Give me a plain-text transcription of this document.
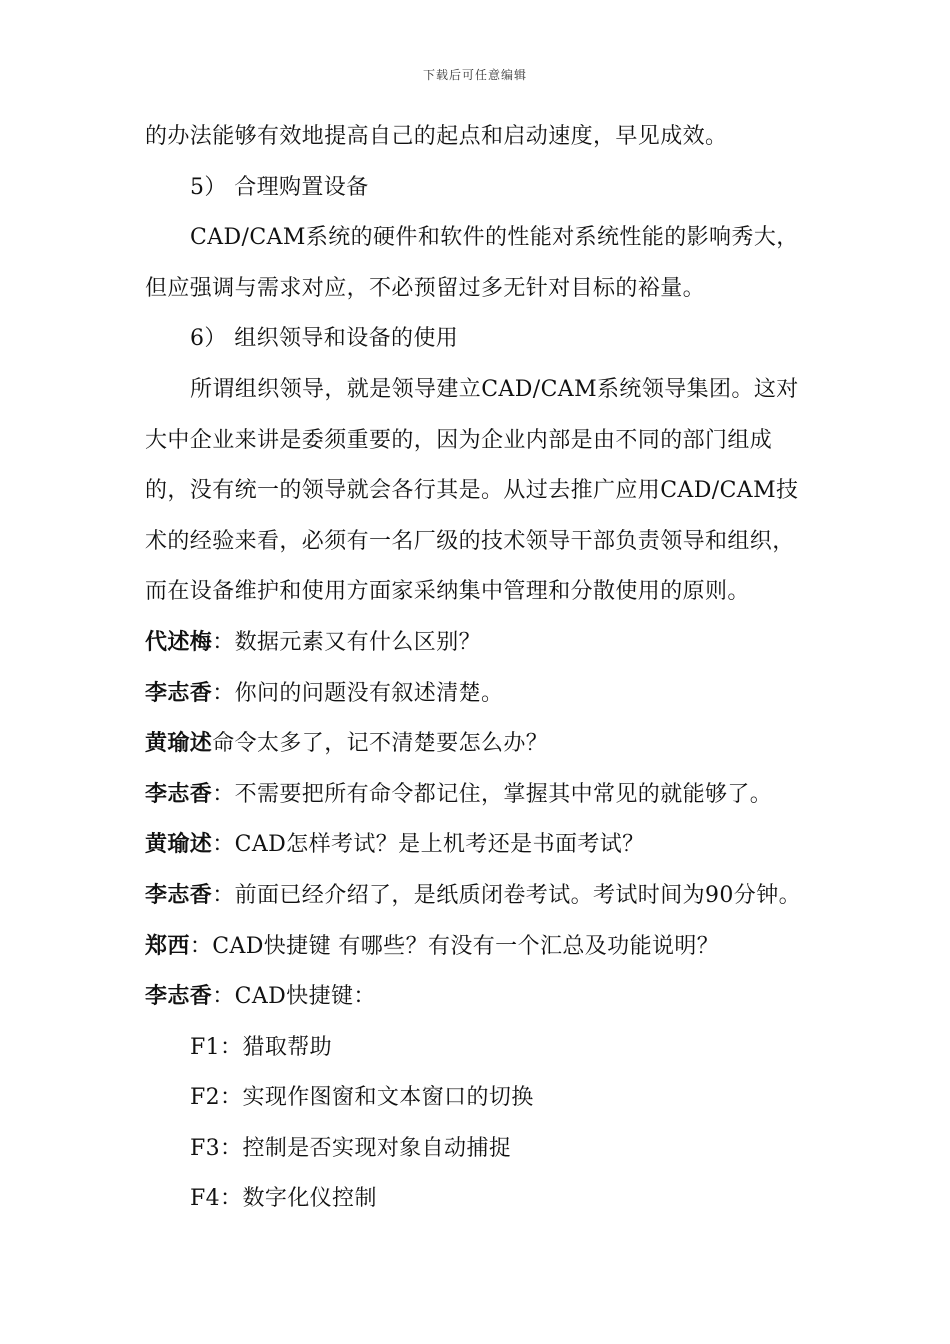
下载后可任意编辑
的办法能够有效地提高自己的起点和启动速度，早见成效。
5） 合理购置设备
CAD/CAM系统的硬件和软件的性能对系统性能的影响秀大，
但应强调与需求对应，不必预留过多无针对目标的裕量。
6） 组织领导和设备的使用
所谓组织领导，就是领导建立CAD/CAM系统领导集团。这对
大中企业来讲是委须重要的，因为企业内部是由不同的部门组成
的，没有统一的领导就会各行其是。从过去推广应用CAD/CAM技
术的经验来看，必须有一名厂级的技术领导干部负责领导和组织，
而在设备维护和使用方面家采纳集中管理和分散使用的原则。
代述梅：数据元素又有什么区别？
李志香：你问的问题没有叙述清楚。
黄瑜述命令太多了，记不清楚要怎么办？
李志香：不需要把所有命令都记住，掌握其中常见的就能够了。
黄瑜述：CAD怎样考试？是上机考还是书面考试？
李志香：前面已经介绍了，是纸质闭卷考试。考试时间为90分钟。
郑西：CAD快捷键 有哪些？有没有一个汇总及功能说明？
李志香：CAD快捷键：
F1：猎取帮助
F2：实现作图窗和文本窗口的切换
F3：控制是否实现对象自动捕捉
F4：数字化仪控制
